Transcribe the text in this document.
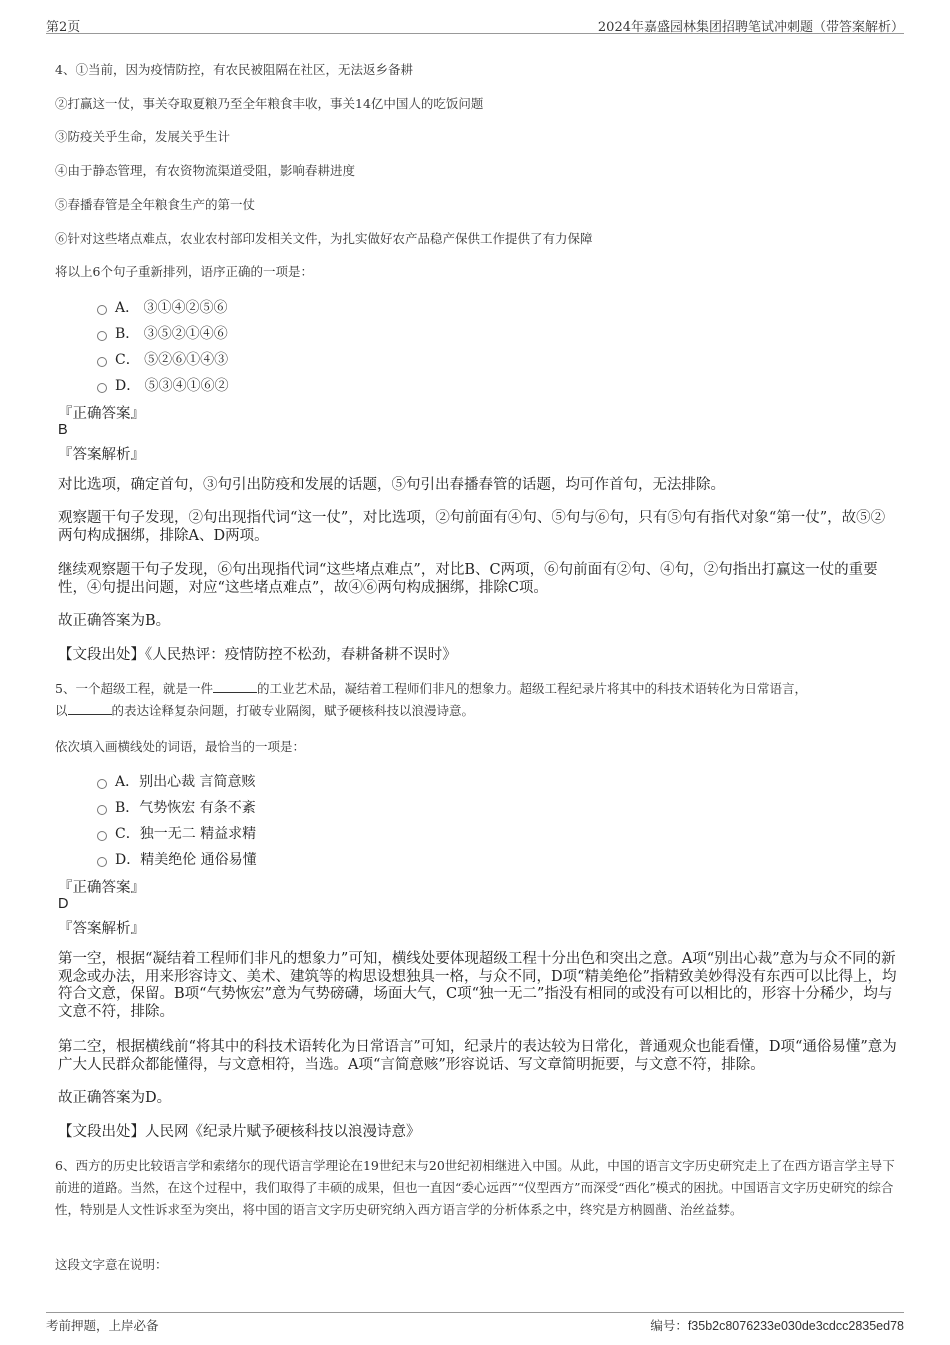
第2页	2024年嘉盛园林集团招聘笔试冲刺题（带答案解析）
4、①当前，因为疫情防控，有农民被阻隔在社区，无法返乡备耕
②打赢这一仗，事关夺取夏粮乃至全年粮食丰收，事关14亿中国人的吃饭问题
③防疫关乎生命，发展关乎生计
④由于静态管理，有农资物流渠道受阻，影响春耕进度
⑤春播春管是全年粮食生产的第一仗
⑥针对这些堵点难点，农业农村部印发相关文件，为扎实做好农产品稳产保供工作提供了有力保障
将以上6个句子重新排列，语序正确的一项是：
A． ③①④②⑤⑥
B． ③⑤②①④⑥
C． ⑤②⑥①④③
D． ⑤③④①⑥②
『正确答案』
B
『答案解析』
对比选项，确定首句，③句引出防疫和发展的话题，⑤句引出春播春管的话题，均可作首句，无法排除。
观察题干句子发现，②句出现指代词“这一仗”，对比选项，②句前面有④句、⑤句与⑥句，只有⑤句有指代对象“第一仗”，故⑤②两句构成捆绑，排除A、D两项。
继续观察题干句子发现，⑥句出现指代词“这些堵点难点”，对比B、C两项，⑥句前面有②句、④句，②句指出打赢这一仗的重要性，④句提出问题，对应“这些堵点难点”，故④⑥两句构成捆绑，排除C项。
故正确答案为B。
【文段出处】《人民热评：疫情防控不松劲，春耕备耕不误时》
5、一个超级工程，就是一件	的工业艺术品，凝结着工程师们非凡的想象力。超级工程纪录片将其中的科技术语转化为日常语言，
以	的表达诠释复杂问题，打破专业隔阂，赋予硬核科技以浪漫诗意。
依次填入画横线处的词语，最恰当的一项是：
A．别出心裁 言简意赅
B．气势恢宏 有条不紊
C．独一无二 精益求精
D．精美绝伦 通俗易懂
『正确答案』
D
『答案解析』
第一空，根据“凝结着工程师们非凡的想象力”可知，横线处要体现超级工程十分出色和突出之意。A项“别出心裁”意为与众不同的新观念或办法，用来形容诗文、美术、建筑等的构思设想独具一格，与众不同，D项“精美绝伦”指精致美妙得没有东西可以比得上，均符合文意，保留。B项“气势恢宏”意为气势磅礴，场面大气，C项“独一无二”指没有相同的或没有可以相比的，形容十分稀少，均与文意不符，排除。
第二空，根据横线前“将其中的科技术语转化为日常语言”可知，纪录片的表达较为日常化，普通观众也能看懂，D项“通俗易懂”意为广大人民群众都能懂得，与文意相符，当选。A项“言简意赅”形容说话、写文章简明扼要，与文意不符，排除。
故正确答案为D。
【文段出处】人民网《纪录片赋予硬核科技以浪漫诗意》
6、西方的历史比较语言学和索绪尔的现代语言学理论在19世纪末与20世纪初相继进入中国。从此，中国的语言文字历史研究走上了在西方语言学主导下前进的道路。当然，在这个过程中，我们取得了丰硕的成果，但也一直因“委心远西”“仪型西方”而深受“西化”模式的困扰。中国语言文字历史研究的综合性，特别是人文性诉求至为突出，将中国的语言文字历史研究纳入西方语言学的分析体系之中，终究是方枘圆凿、治丝益棼。
这段文字意在说明：
考前押题，上岸必备	编号：f35b2c8076233e030de3cdcc2835ed78
